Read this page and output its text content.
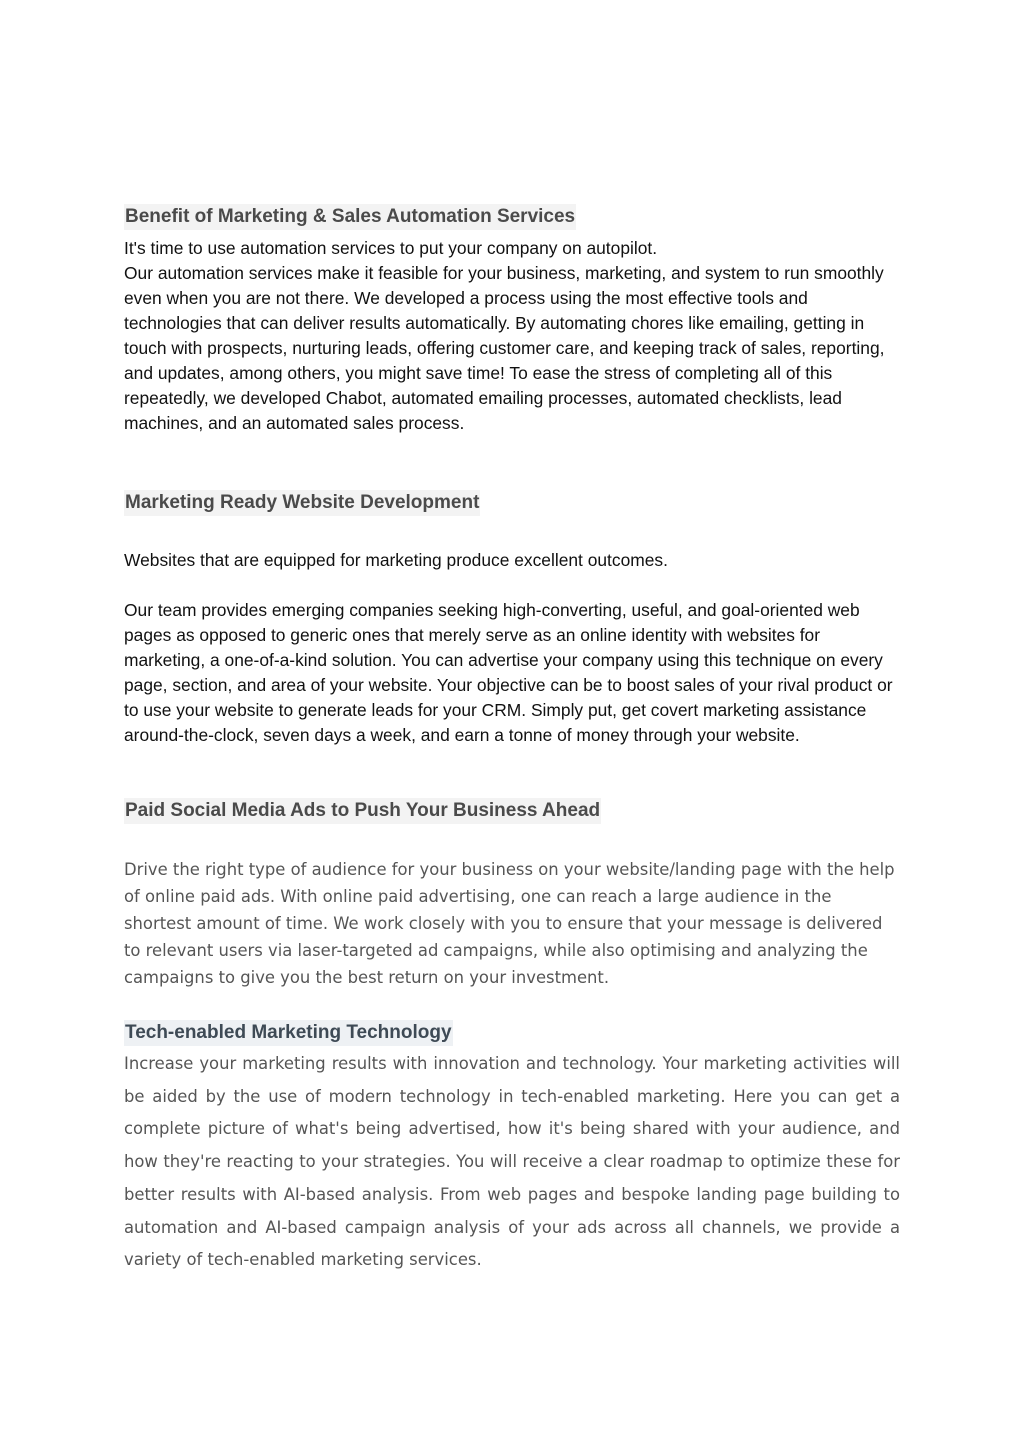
Benefit of Marketing & Sales Automation Services

It's time to use automation services to put your company on autopilot.

Our automation services make it feasible for your business, marketing, and system to run smoothly even when you are not there. We developed a process using the most effective tools and technologies that can deliver results automatically. By automating chores like emailing, getting in touch with prospects, nurturing leads, offering customer care, and keeping track of sales, reporting, and updates, among others, you might save time! To ease the stress of completing all of this repeatedly, we developed Chabot, automated emailing processes, automated checklists, lead machines, and an automated sales process.

Marketing Ready Website Development

Websites that are equipped for marketing produce excellent outcomes.

Our team provides emerging companies seeking high-converting, useful, and goal-oriented web pages as opposed to generic ones that merely serve as an online identity with websites for marketing, a one-of-a-kind solution. You can advertise your company using this technique on every page, section, and area of your website. Your objective can be to boost sales of your rival product or to use your website to generate leads for your CRM. Simply put, get covert marketing assistance around-the-clock, seven days a week, and earn a tonne of money through your website.

Paid Social Media Ads to Push Your Business Ahead

Drive the right type of audience for your business on your website/landing page with the help of online paid ads. With online paid advertising, one can reach a large audience in the shortest amount of time. We work closely with you to ensure that your message is delivered to relevant users via laser-targeted ad campaigns, while also optimising and analyzing the campaigns to give you the best return on your investment.

Tech-enabled Marketing Technology

Increase your marketing results with innovation and technology. Your marketing activities will be aided by the use of modern technology in tech-enabled marketing. Here you can get a complete picture of what's being advertised, how it's being shared with your audience, and how they're reacting to your strategies. You will receive a clear roadmap to optimize these for better results with AI-based analysis. From web pages and bespoke landing page building to automation and AI-based campaign analysis of your ads across all channels, we provide a variety of tech-enabled marketing services.
